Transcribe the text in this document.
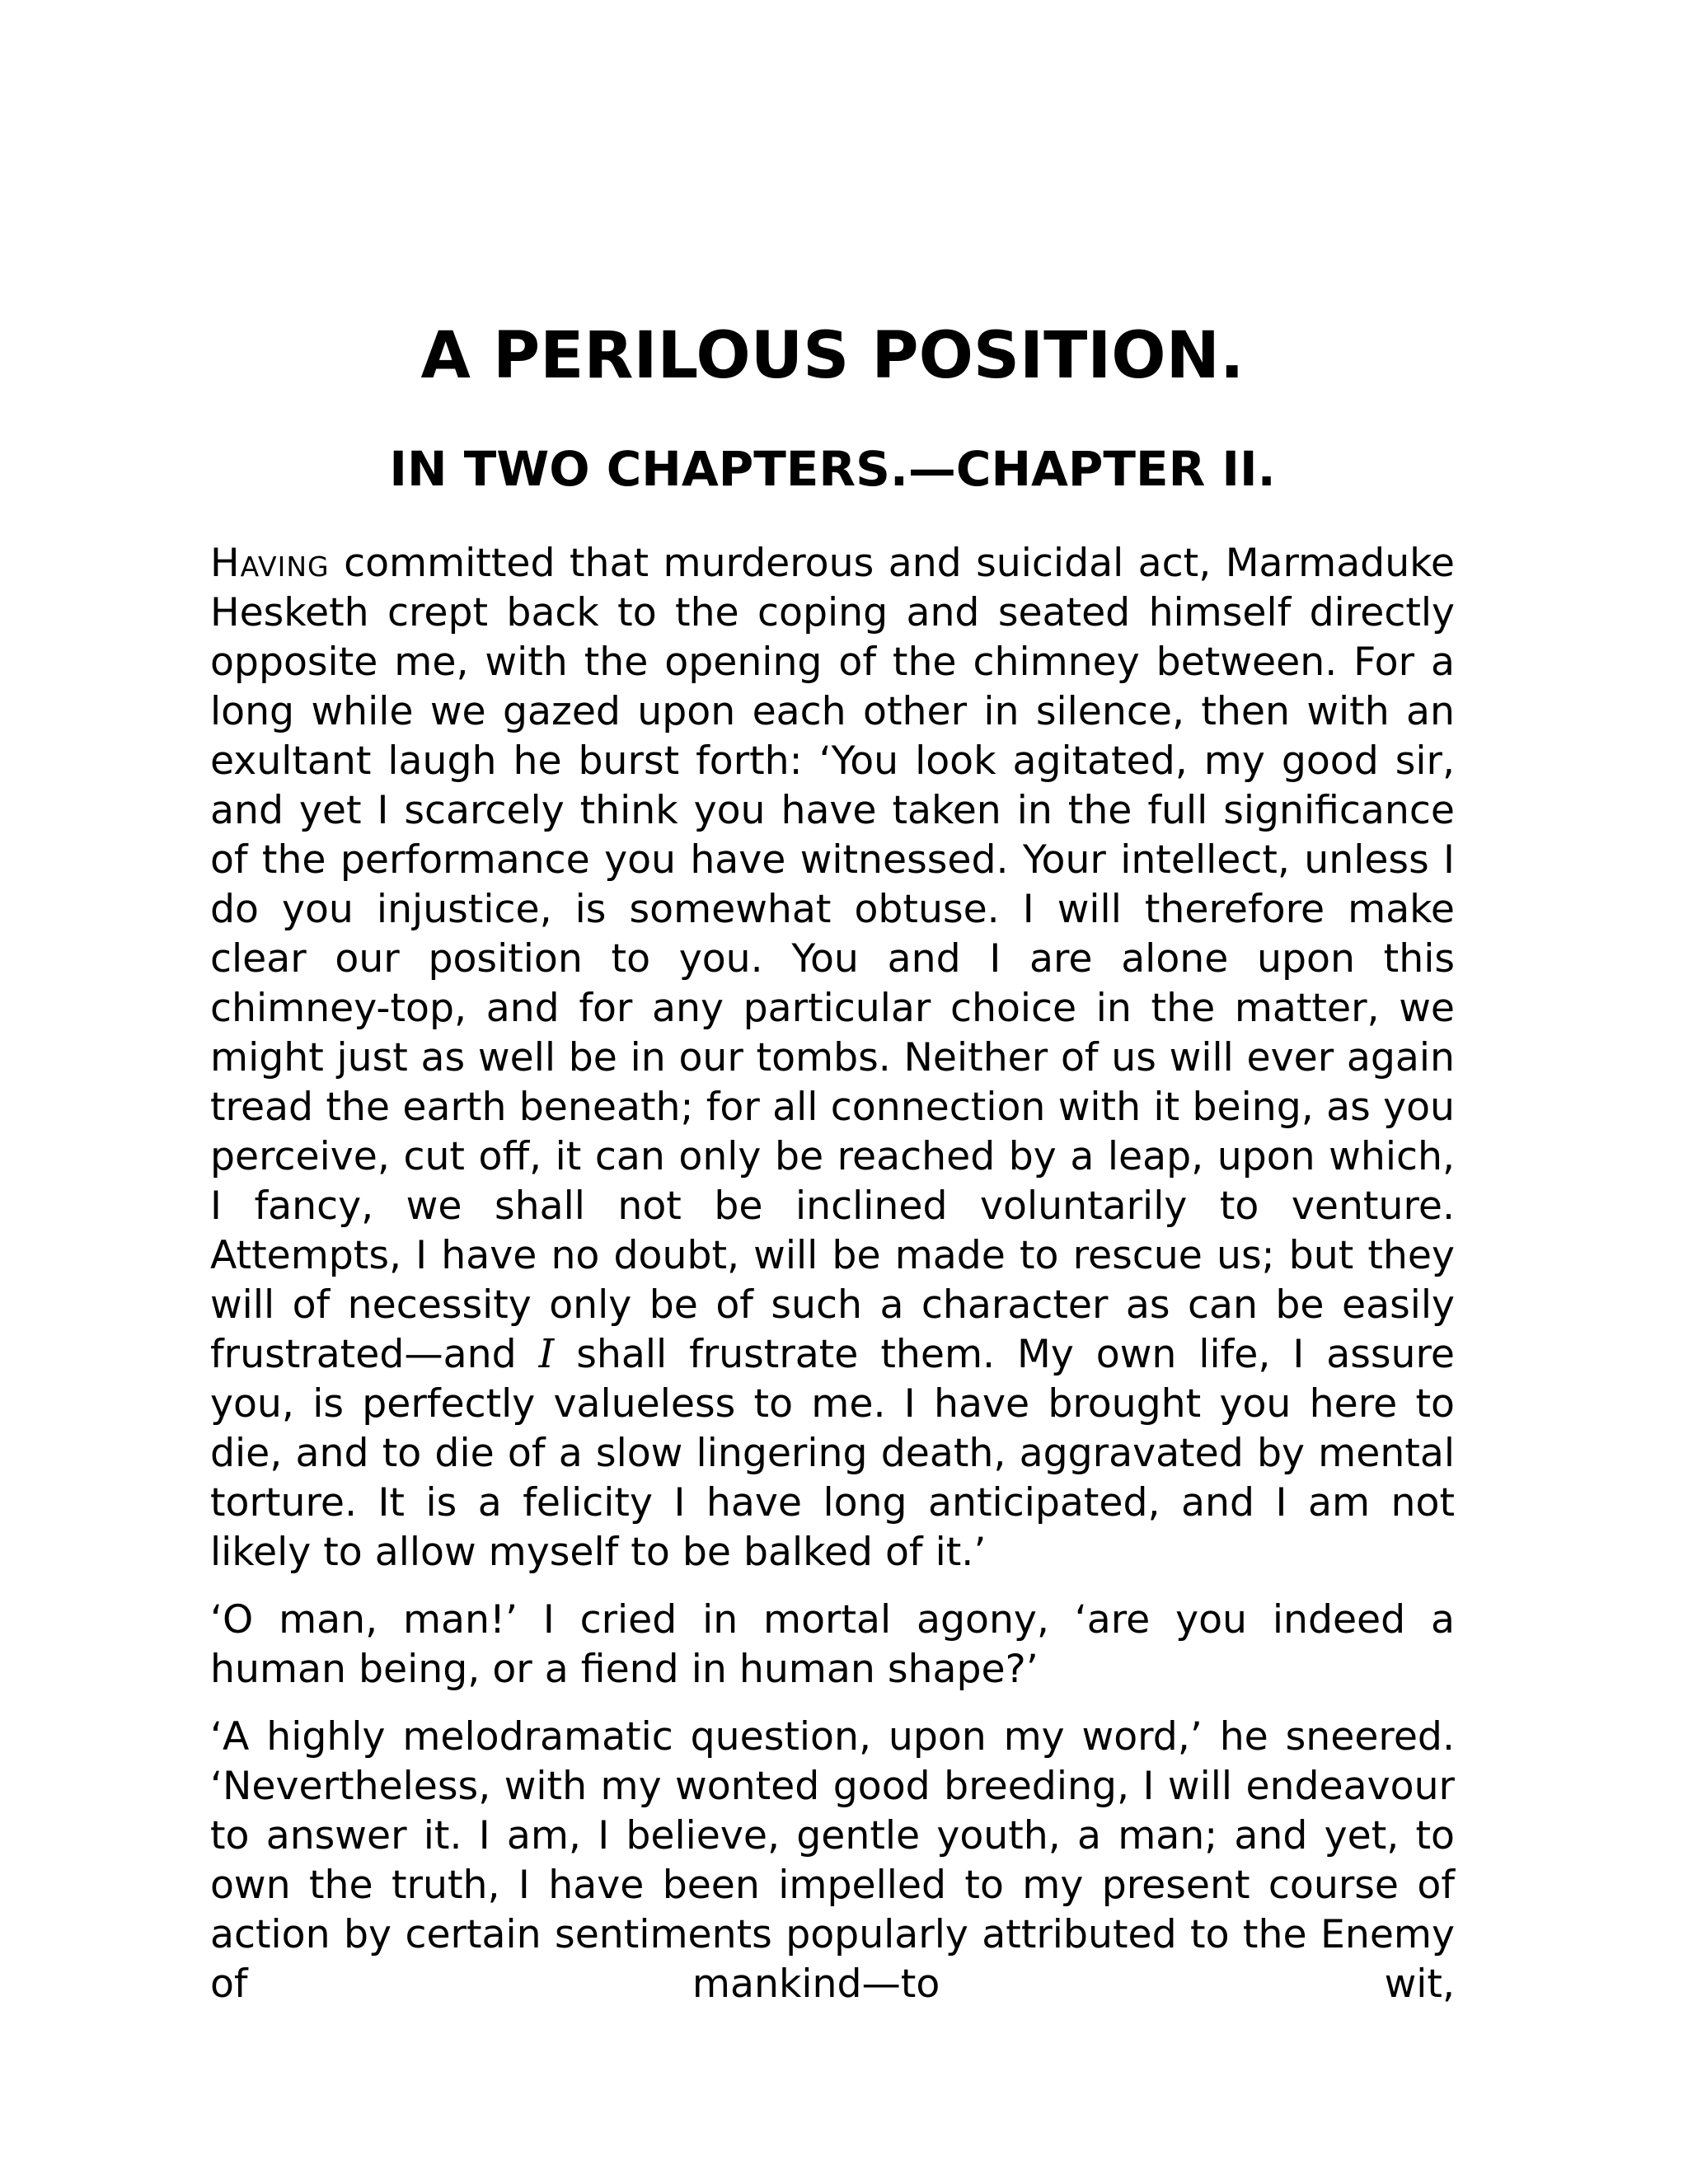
A PERILOUS POSITION.
IN TWO CHAPTERS.—CHAPTER II.

Having committed that murderous and suicidal act, Marmaduke Hesketh crept back to the coping and seated himself directly opposite me, with the opening of the chimney between. For a long while we gazed upon each other in silence, then with an exultant laugh he burst forth: ‘You look agitated, my good sir, and yet I scarcely think you have taken in the full significance of the performance you have witnessed. Your intellect, unless I do you injustice, is somewhat obtuse. I will therefore make clear our position to you. You and I are alone upon this chimney-top, and for any particular choice in the matter, we might just as well be in our tombs. Neither of us will ever again tread the earth beneath; for all connection with it being, as you perceive, cut off, it can only be reached by a leap, upon which, I fancy, we shall not be inclined voluntarily to venture. Attempts, I have no doubt, will be made to rescue us; but they will of necessity only be of such a character as can be easily frustrated—and I shall frustrate them. My own life, I assure you, is perfectly valueless to me. I have brought you here to die, and to die of a slow lingering death, aggravated by mental torture. It is a felicity I have long anticipated, and I am not likely to allow myself to be balked of it.’

‘O man, man!’ I cried in mortal agony, ‘are you indeed a human being, or a fiend in human shape?’

‘A highly melodramatic question, upon my word,’ he sneered. ‘Nevertheless, with my wonted good breeding, I will endeavour to answer it. I am, I believe, gentle youth, a man; and yet, to own the truth, I have been impelled to my present course of action by certain sentiments popularly attributed to the Enemy of mankind—to wit,
